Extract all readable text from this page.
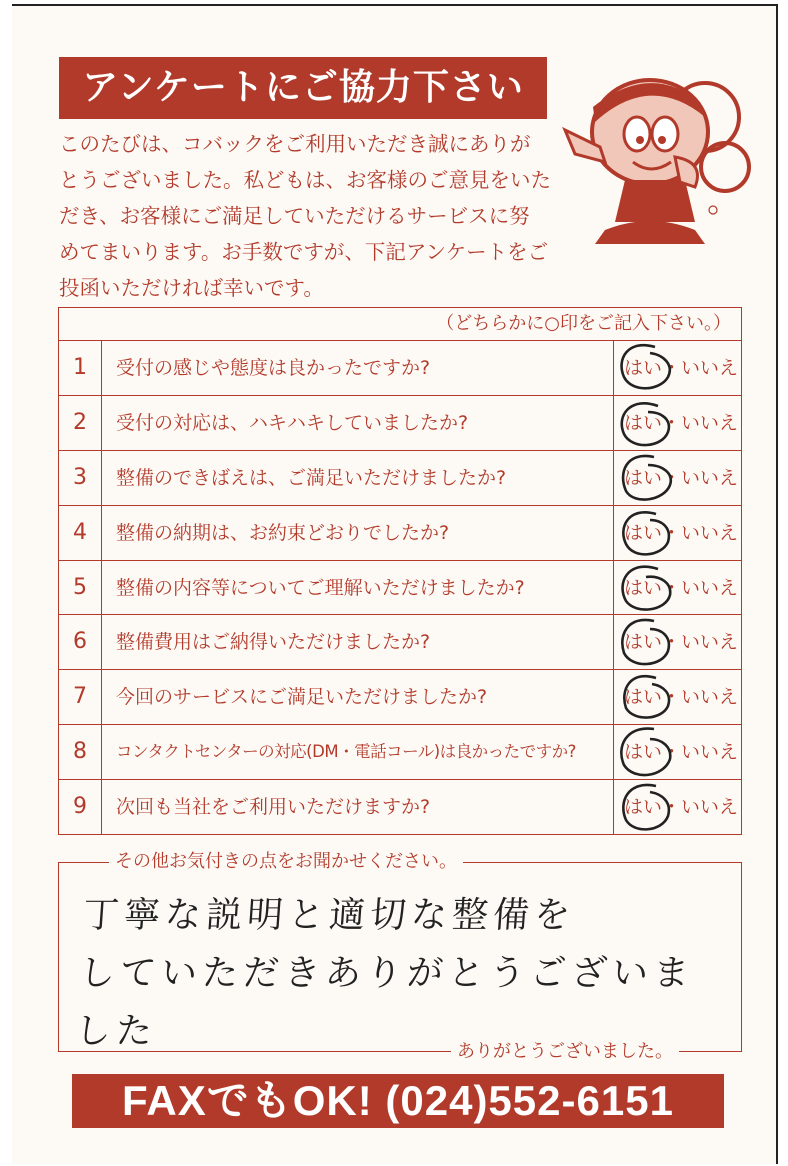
アンケートにご協力下さい

このたびは、コバックをご利用いただき誠にありが
とうございました。私どもは、お客様のご意見をいた
だき、お客様にご満足していただけるサービスに努
めてまいります。お手数ですが、下記アンケートをご
投函いただければ幸いです。

（どちらかに○印をご記入下さい。）
1	受付の感じや態度は良かったですか?	はい・いいえ
2	受付の対応は、ハキハキしていましたか?	はい・いいえ
3	整備のできばえは、ご満足いただけましたか?	はい・いいえ
4	整備の納期は、お約束どおりでしたか?	はい・いいえ
5	整備の内容等についてご理解いただけましたか?	はい・いいえ
6	整備費用はご納得いただけましたか?	はい・いいえ
7	今回のサービスにご満足いただけましたか?	はい・いいえ
8	コンタクトセンターの対応(DM・電話コール)は良かったですか?	はい・いいえ
9	次回も当社をご利用いただけますか?	はい・いいえ
その他お気付きの点をお聞かせください。
丁寧な説明と適切な整備を
していただきありがとうございました	ありがとうございました。
FAXでもOK! (024)552-6151
